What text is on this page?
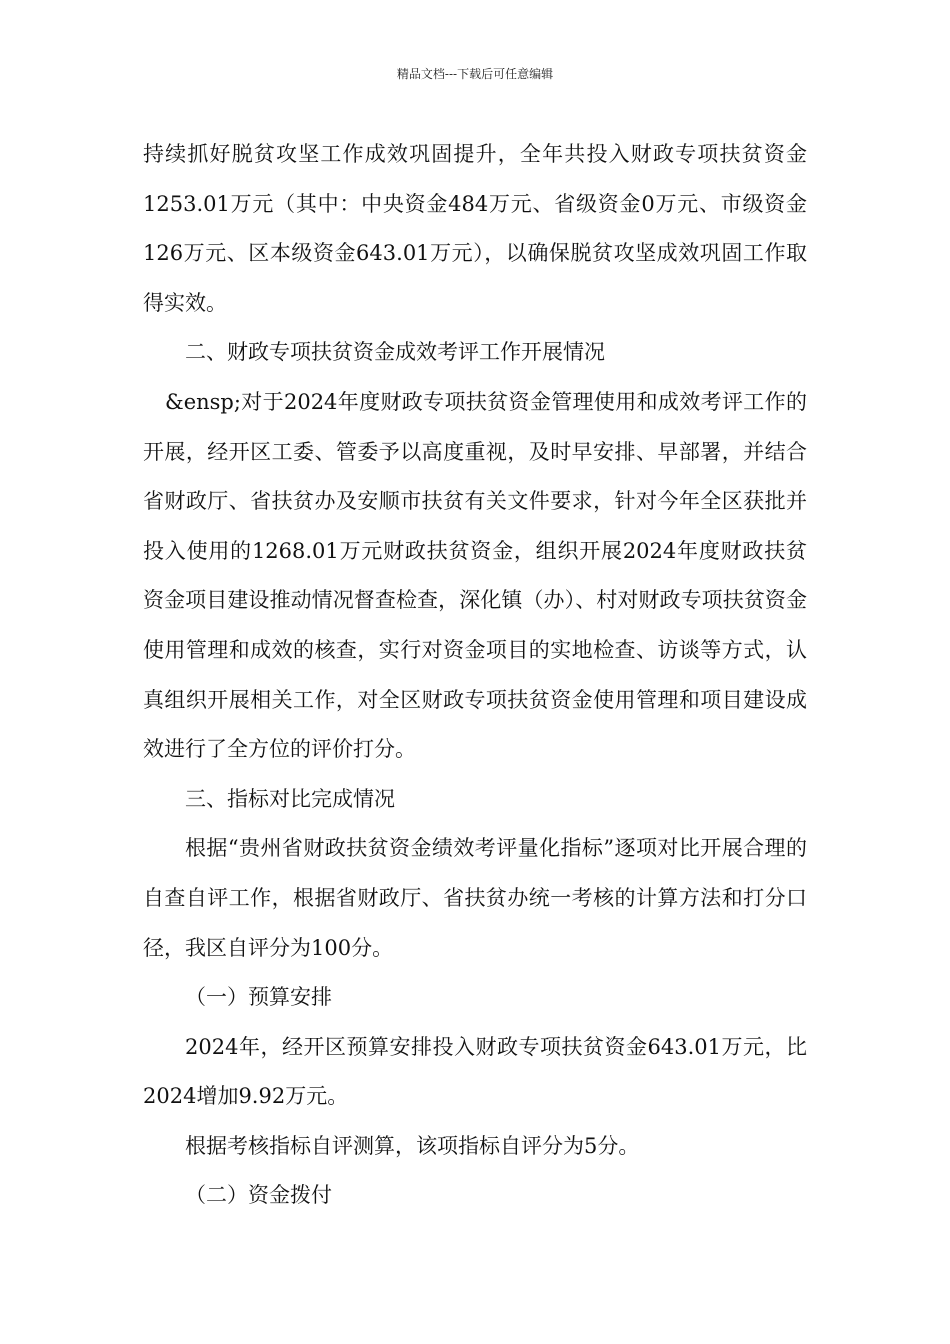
精品文档---下载后可任意编辑

持续抓好脱贫攻坚工作成效巩固提升，全年共投入财政专项扶贫资金1253.01万元（其中：中央资金484万元、省级资金0万元、市级资金126万元、区本级资金643.01万元），以确保脱贫攻坚成效巩固工作取得实效。

二、财政专项扶贫资金成效考评工作开展情况

&ensp;对于2024年度财政专项扶贫资金管理使用和成效考评工作的开展，经开区工委、管委予以高度重视，及时早安排、早部署，并结合省财政厅、省扶贫办及安顺市扶贫有关文件要求，针对今年全区获批并投入使用的1268.01万元财政扶贫资金，组织开展2024年度财政扶贫资金项目建设推动情况督查检查，深化镇（办）、村对财政专项扶贫资金使用管理和成效的核查，实行对资金项目的实地检查、访谈等方式，认真组织开展相关工作，对全区财政专项扶贫资金使用管理和项目建设成效进行了全方位的评价打分。

三、指标对比完成情况

根据“贵州省财政扶贫资金绩效考评量化指标”逐项对比开展合理的自查自评工作，根据省财政厅、省扶贫办统一考核的计算方法和打分口径，我区自评分为100分。

（一）预算安排

2024年，经开区预算安排投入财政专项扶贫资金643.01万元，比2024增加9.92万元。

根据考核指标自评测算，该项指标自评分为5分。

（二）资金拨付
